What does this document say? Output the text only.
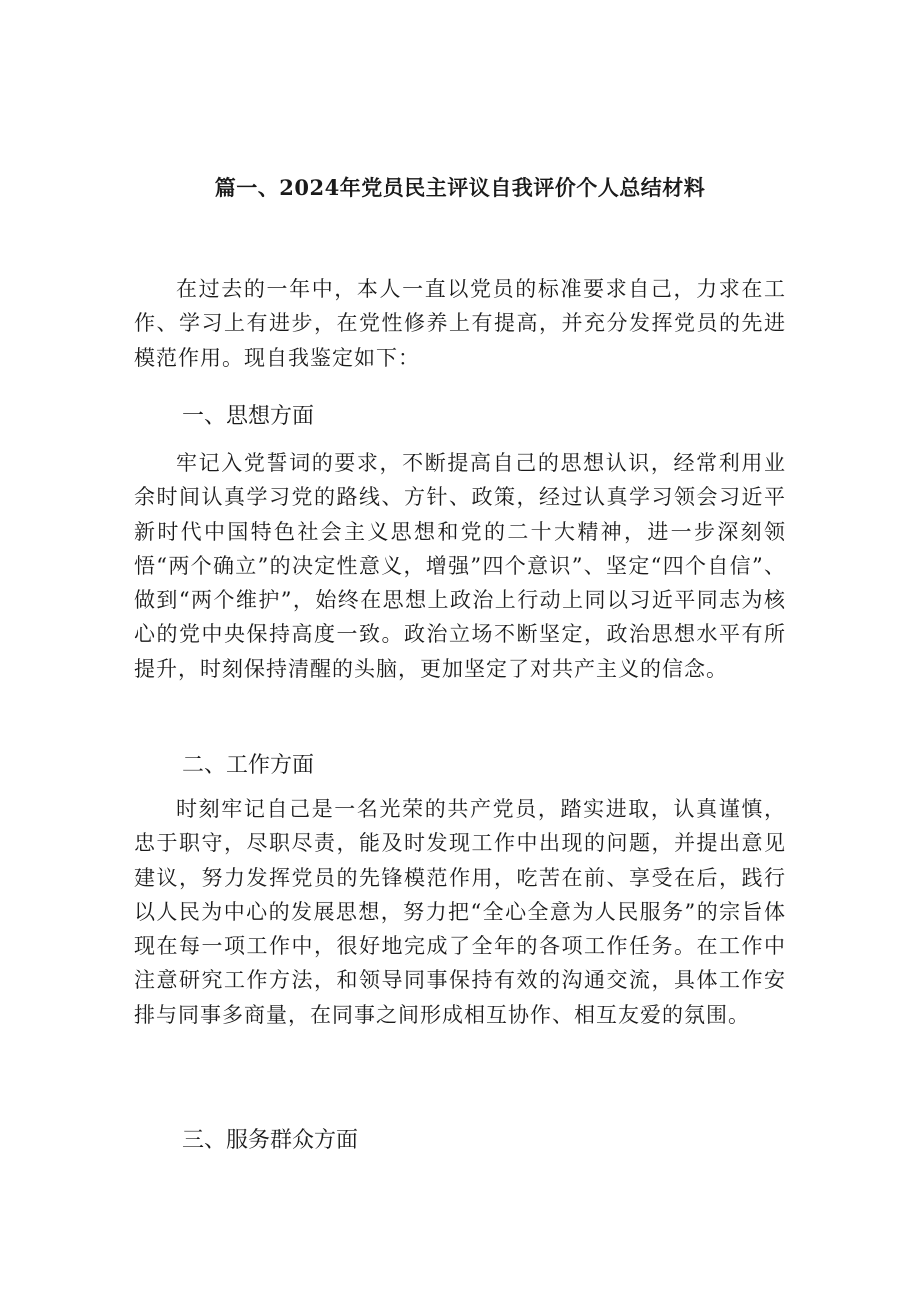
篇一、2024年党员民主评议自我评价个人总结材料

在过去的一年中，本人一直以党员的标准要求自己，力求在工作、学习上有进步，在党性修养上有提高，并充分发挥党员的先进模范作用。现自我鉴定如下：

一、思想方面

牢记入党誓词的要求，不断提高自己的思想认识，经常利用业余时间认真学习党的路线、方针、政策，经过认真学习领会习近平新时代中国特色社会主义思想和党的二十大精神，进一步深刻领悟“两个确立”的决定性意义，增强”四个意识”、坚定“四个自信”、做到“两个维护”，始终在思想上政治上行动上同以习近平同志为核心的党中央保持高度一致。政治立场不断坚定，政治思想水平有所提升，时刻保持清醒的头脑，更加坚定了对共产主义的信念。

二、工作方面

时刻牢记自己是一名光荣的共产党员，踏实进取，认真谨慎，忠于职守，尽职尽责，能及时发现工作中出现的问题，并提出意见建议，努力发挥党员的先锋模范作用，吃苦在前、享受在后，践行以人民为中心的发展思想，努力把“全心全意为人民服务”的宗旨体现在每一项工作中，很好地完成了全年的各项工作任务。在工作中注意研究工作方法，和领导同事保持有效的沟通交流，具体工作安排与同事多商量，在同事之间形成相互协作、相互友爱的氛围。

三、服务群众方面
